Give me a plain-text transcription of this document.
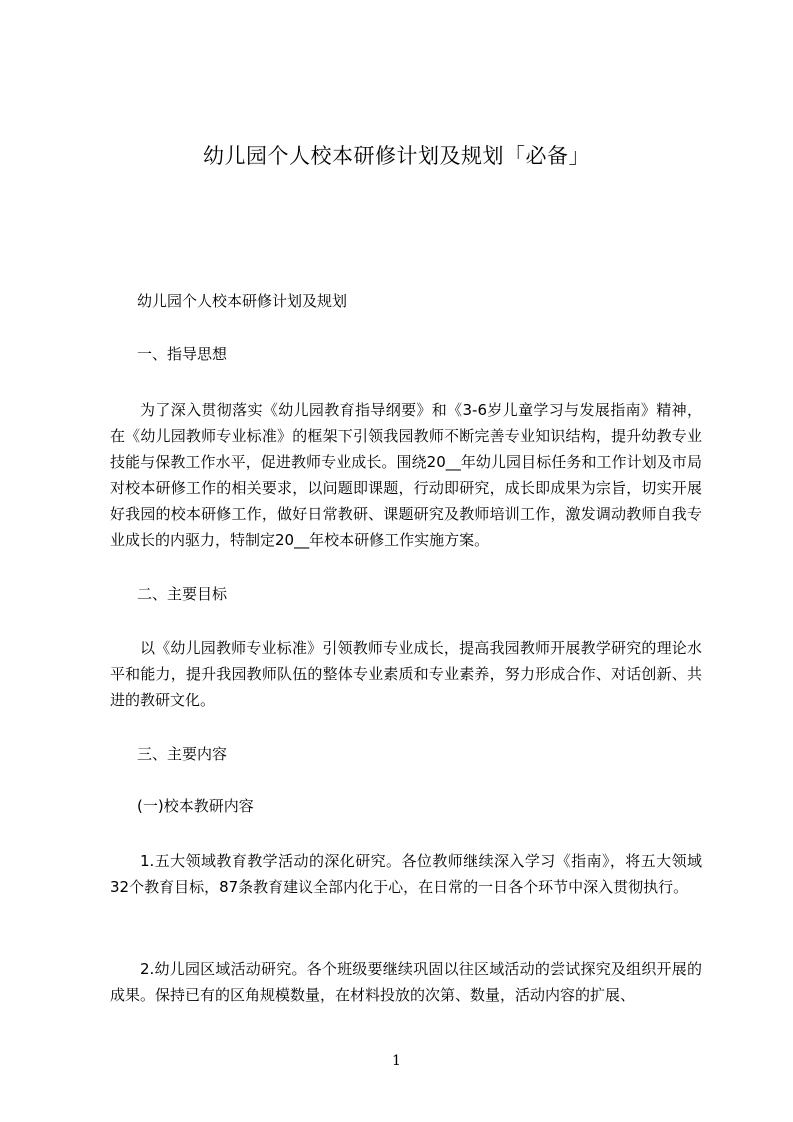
幼儿园个人校本研修计划及规划「必备」
幼儿园个人校本研修计划及规划
一、指导思想
为了深入贯彻落实《幼儿园教育指导纲要》和《3-6岁儿童学习与发展指南》精神，在《幼儿园教师专业标准》的框架下引领我园教师不断完善专业知识结构，提升幼教专业技能与保教工作水平，促进教师专业成长。围绕20__年幼儿园目标任务和工作计划及市局对校本研修工作的相关要求，以问题即课题，行动即研究，成长即成果为宗旨，切实开展好我园的校本研修工作，做好日常教研、课题研究及教师培训工作，激发调动教师自我专业成长的内驱力，特制定20__年校本研修工作实施方案。
二、主要目标
以《幼儿园教师专业标准》引领教师专业成长，提高我园教师开展教学研究的理论水平和能力，提升我园教师队伍的整体专业素质和专业素养，努力形成合作、对话创新、共进的教研文化。
三、主要内容
(一)校本教研内容
1.五大领域教育教学活动的深化研究。各位教师继续深入学习《指南》，将五大领域32个教育目标，87条教育建议全部内化于心，在日常的一日各个环节中深入贯彻执行。
2.幼儿园区域活动研究。各个班级要继续巩固以往区域活动的尝试探究及组织开展的成果。保持已有的区角规模数量，在材料投放的次第、数量，活动内容的扩展、
1
